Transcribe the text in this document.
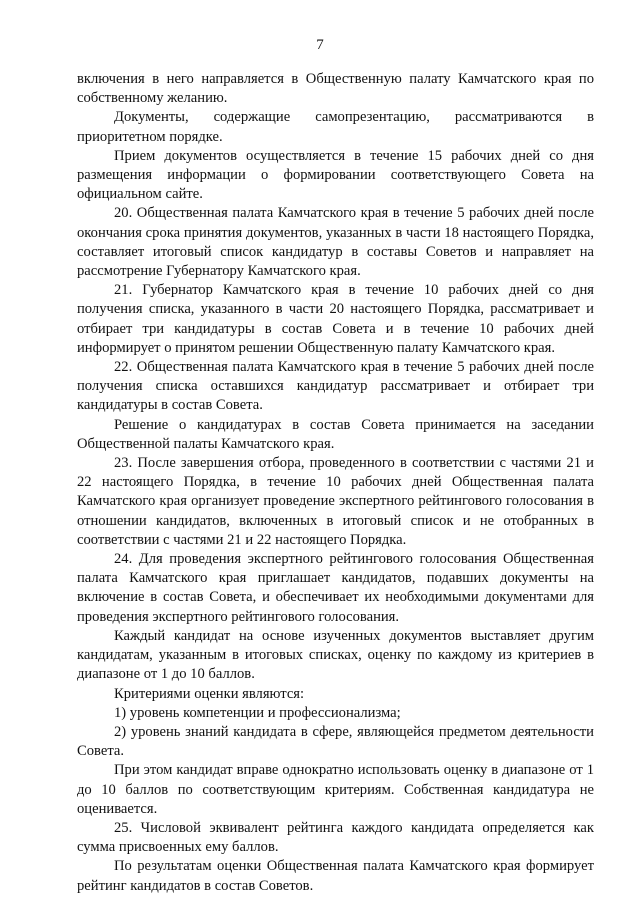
7

включения в него направляется в Общественную палату Камчатского края по собственному желанию.

Документы, содержащие самопрезентацию, рассматриваются в приоритетном порядке.

Прием документов осуществляется в течение 15 рабочих дней со дня размещения информации о формировании соответствующего Совета на официальном сайте.

20. Общественная палата Камчатского края в течение 5 рабочих дней после окончания срока принятия документов, указанных в части 18 настоящего Порядка, составляет итоговый список кандидатур в составы Советов и направляет на рассмотрение Губернатору Камчатского края.

21. Губернатор Камчатского края в течение 10 рабочих дней со дня получения списка, указанного в части 20 настоящего Порядка, рассматривает и отбирает три кандидатуры в состав Совета и в течение 10 рабочих дней информирует о принятом решении Общественную палату Камчатского края.

22. Общественная палата Камчатского края в течение 5 рабочих дней после получения списка оставшихся кандидатур рассматривает и отбирает три кандидатуры в состав Совета.

Решение о кандидатурах в состав Совета принимается на заседании Общественной палаты Камчатского края.

23. После завершения отбора, проведенного в соответствии с частями 21 и 22 настоящего Порядка, в течение 10 рабочих дней Общественная палата Камчатского края организует проведение экспертного рейтингового голосования в отношении кандидатов, включенных в итоговый список и не отобранных в соответствии с частями 21 и 22 настоящего Порядка.

24. Для проведения экспертного рейтингового голосования Общественная палата Камчатского края приглашает кандидатов, подавших документы на включение в состав Совета, и обеспечивает их необходимыми документами для проведения экспертного рейтингового голосования.

Каждый кандидат на основе изученных документов выставляет другим кандидатам, указанным в итоговых списках, оценку по каждому из критериев в диапазоне от 1 до 10 баллов.

Критериями оценки являются:

1) уровень компетенции и профессионализма;

2) уровень знаний кандидата в сфере, являющейся предметом деятельности Совета.

При этом кандидат вправе однократно использовать оценку в диапазоне от 1 до 10 баллов по соответствующим критериям. Собственная кандидатура не оценивается.

25. Числовой эквивалент рейтинга каждого кандидата определяется как сумма присвоенных ему баллов.

По результатам оценки Общественная палата Камчатского края формирует рейтинг кандидатов в состав Советов.
